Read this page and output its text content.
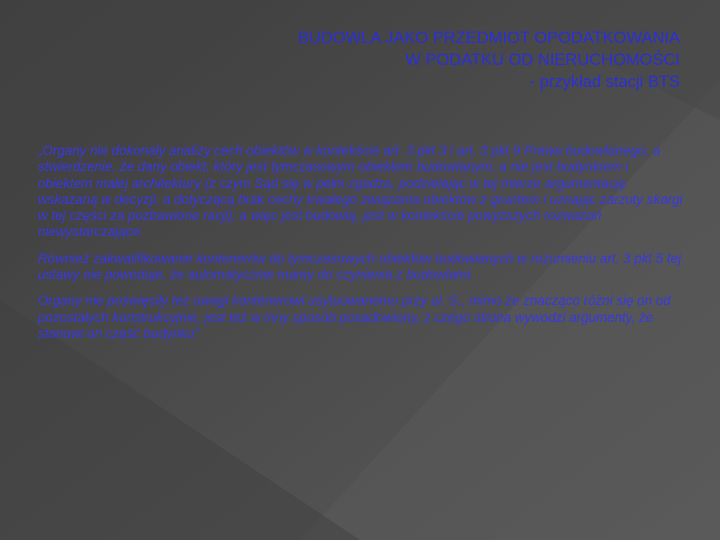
BUDOWLA JAKO PRZEDMIOT OPODATKOWANIA
W PODATKU OD NIERUCHOMOŚCI
- przykład stacji BTS

„Organy nie dokonały analizy cech obiektów w kontekście art. 3 pkt 3 i art. 3 pkt 9 Prawa budowlanego, a stwierdzenie, że dany obiekt, który jest tymczasowym obiektem budowlanym, a nie jest budynkiem i obiektem małej architektury (z czym Sąd się w pełni zgadza, podzielając w tej mierze argumentację wskazaną w decyzji, a dotyczącą brak cechy trwałego związania obiektów z gruntem i uznając zarzuty skargi w tej części za pozbawione racji), a więc jest budowlą, jest w kontekście powyższych rozważań niewystarczające.

Również zakwalifikowanie kontenerów do tymczasowych obiektów budowlanych w rozumieniu art. 3 pkt 5 tej ustawy nie powoduje, że automatycznie mamy do czynienia z budowlami.

Organy nie poświęciły też uwagi kontenerowi usytuowanemu przy ul. S., mimo że znacząco różni się on od pozostałych konstrukcyjnie, jest też w inny sposób posadowiony, z czego strona wywodzi argumenty, że stanowi on część budynku”
